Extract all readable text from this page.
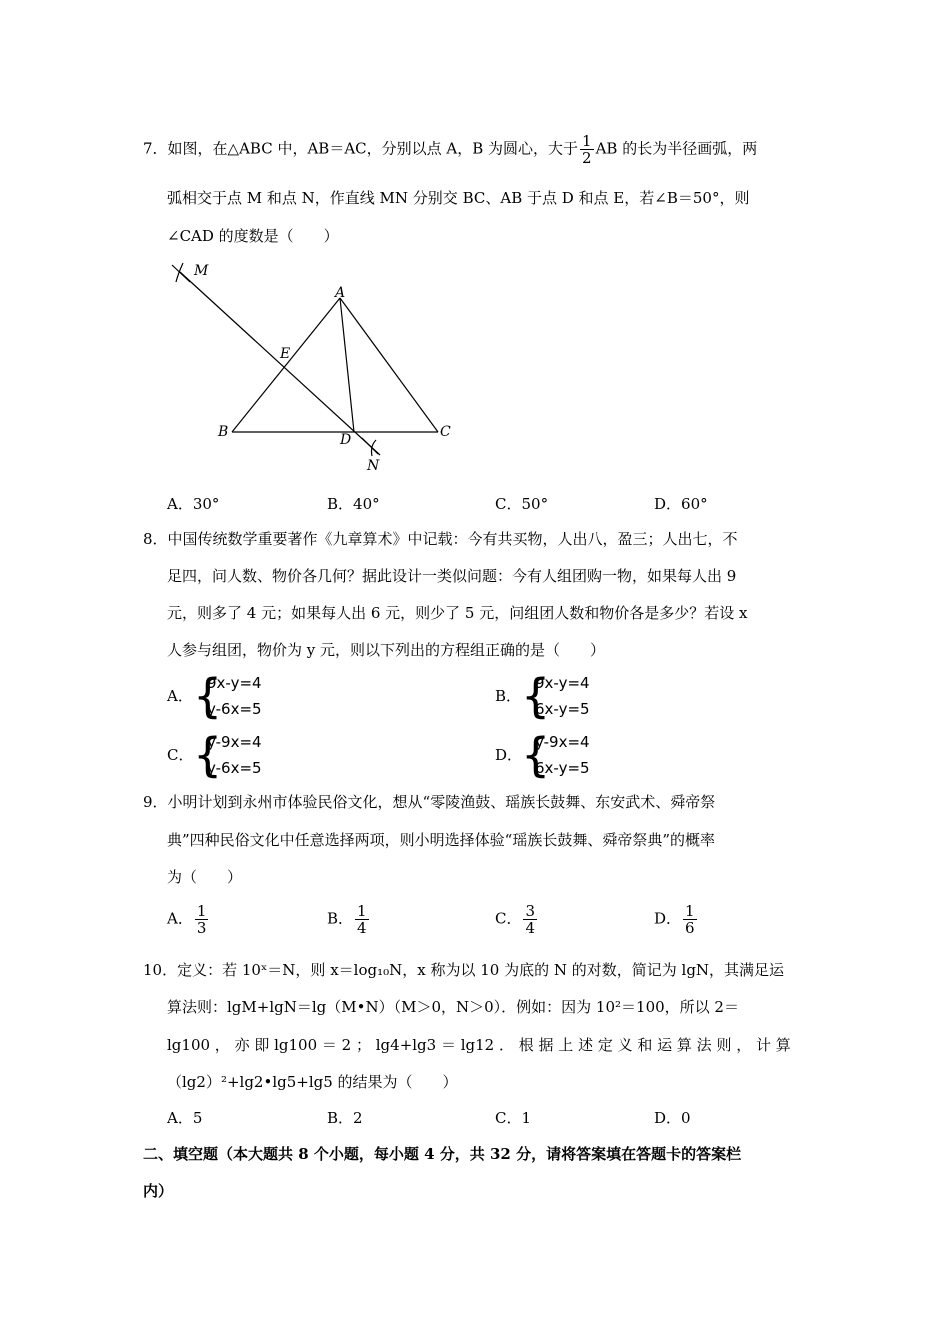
7．如图，在△ABC 中，AB＝AC，分别以点 A，B 为圆心，大于 $\frac{1}{2}$ AB 的长为半径画弧，两
弧相交于点 M 和点 N，作直线 MN 分别交 BC、AB 于点 D 和点 E，若∠B＝50°，则
∠CAD 的度数是（　　）
M
A
E
B	D	C
N
A．30°	B．40°	C．50°	D．60°
8．中国传统数学重要著作《九章算术》中记载：今有共买物，人出八，盈三；人出七，不
足四，问人数、物价各几何？据此设计一类似问题：今有人组团购一物，如果每人出 9
元，则多了 4 元；如果每人出 6 元，则少了 5 元，问组团人数和物价各是多少？若设 x
人参与组团，物价为 y 元，则以下列出的方程组正确的是（　　）
A． {
9x-y=4
y-6x=5
B． {
9x-y=4
6x-y=5
C． {
y-9x=4
y-6x=5
D．
{
y-9x=4
6x-y=5
9．小明计划到永州市体验民俗文化，想从“零陵渔鼓、瑶族长鼓舞、东安武术、舜帝祭
典”四种民俗文化中任意选择两项，则小明选择体验“瑶族长鼓舞、舜帝祭典”的概率
为（　　）
A． $\frac{1}{3}$	B． $\frac{1}{4}$	C． $\frac{3}{4}$	D． $\frac{1}{6}$
10．定义：若 10ˣ＝N，则 x＝log₁₀N，x 称为以 10 为底的 N 的对数，简记为 lgN，其满足运
算法则：lgM+lgN＝lg（M•N）（M＞0，N＞0）．例如：因为 10²＝100，所以 2＝
lg100 ， 亦 即 lg100 ＝ 2 ； lg4+lg3 ＝ lg12 ． 根 据 上 述 定 义 和 运 算 法 则 ， 计 算
（lg2）²+lg2•lg5+lg5 的结果为（　　）
A．5	B．2	C．1	D．0
二、填空题（本大题共 8 个小题，每小题 4 分，共 32 分，请将答案填在答题卡的答案栏
内）
